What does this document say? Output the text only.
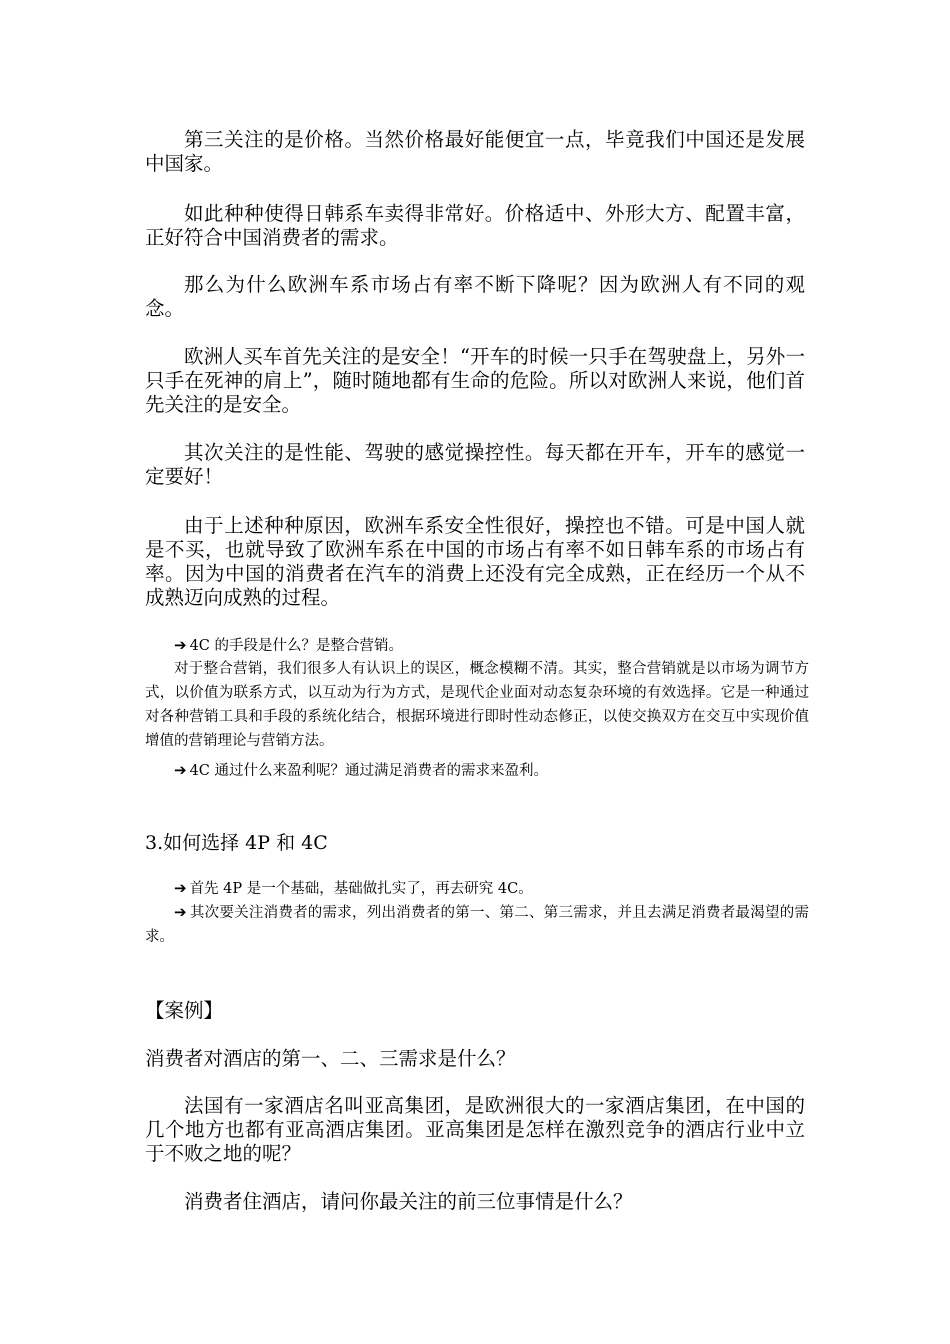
第三关注的是价格。当然价格最好能便宜一点，毕竟我们中国还是发展中国家。

如此种种使得日韩系车卖得非常好。价格适中、外形大方、配置丰富，正好符合中国消费者的需求。

那么为什么欧洲车系市场占有率不断下降呢？因为欧洲人有不同的观念。

欧洲人买车首先关注的是安全！“开车的时候一只手在驾驶盘上，另外一只手在死神的肩上”，随时随地都有生命的危险。所以对欧洲人来说，他们首先关注的是安全。

其次关注的是性能、驾驶的感觉操控性。每天都在开车，开车的感觉一定要好！

由于上述种种原因，欧洲车系安全性很好，操控也不错。可是中国人就是不买，也就导致了欧洲车系在中国的市场占有率不如日韩车系的市场占有率。因为中国的消费者在汽车的消费上还没有完全成熟，正在经历一个从不成熟迈向成熟的过程。

➔ 4C 的手段是什么？是整合营销。

对于整合营销，我们很多人有认识上的误区，概念模糊不清。其实，整合营销就是以市场为调节方式，以价值为联系方式，以互动为行为方式，是现代企业面对动态复杂环境的有效选择。它是一种通过对各种营销工具和手段的系统化结合，根据环境进行即时性动态修正，以使交换双方在交互中实现价值增值的营销理论与营销方法。

➔ 4C 通过什么来盈利呢？通过满足消费者的需求来盈利。

3.如何选择 4P 和 4C

➔ 首先 4P 是一个基础，基础做扎实了，再去研究 4C。

➔ 其次要关注消费者的需求，列出消费者的第一、第二、第三需求，并且去满足消费者最渴望的需求。

【案例】

消费者对酒店的第一、二、三需求是什么？

法国有一家酒店名叫亚高集团，是欧洲很大的一家酒店集团，在中国的几个地方也都有亚高酒店集团。亚高集团是怎样在激烈竞争的酒店行业中立于不败之地的呢？

消费者住酒店，请问你最关注的前三位事情是什么？
